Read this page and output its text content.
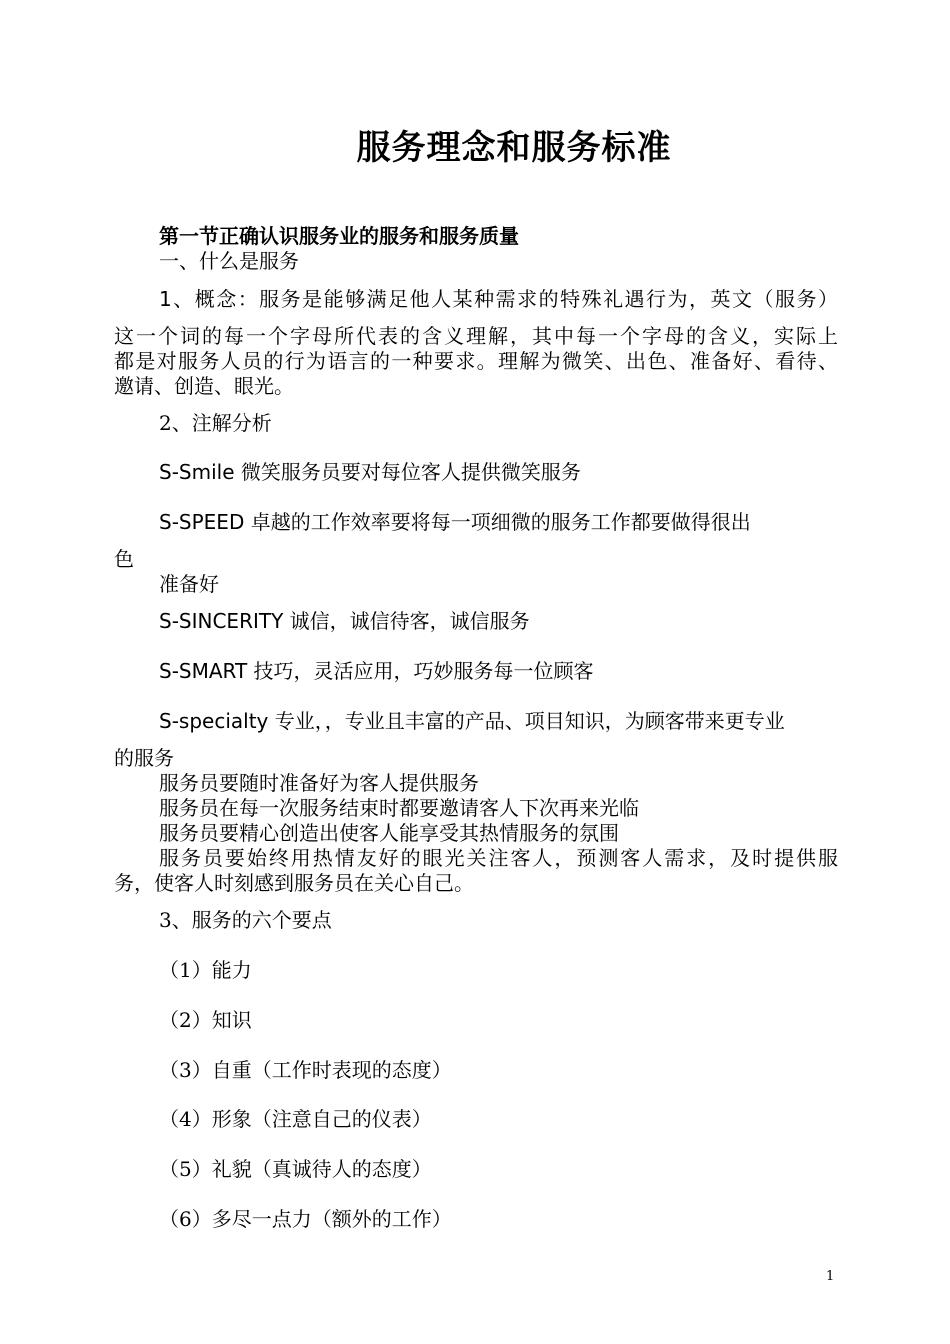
服务理念和服务标准

第一节正确认识服务业的服务和服务质量

一、什么是服务

1、概念：服务是能够满足他人某种需求的特殊礼遇行为，英文（服务）

这一个词的每一个字母所代表的含义理解，其中每一个字母的含义，实际上

都是对服务人员的行为语言的一种要求。理解为微笑、出色、准备好、看待、

邀请、创造、眼光。

2、注解分析

S-Smile 微笑服务员要对每位客人提供微笑服务

S-SPEED 卓越的工作效率要将每一项细微的服务工作都要做得很出

色

准备好

S-SINCERITY 诚信，诚信待客，诚信服务

S-SMART 技巧，灵活应用，巧妙服务每一位顾客

S-specialty 专业，，专业且丰富的产品、项目知识，为顾客带来更专业

的服务

服务员要随时准备好为客人提供服务

服务员在每一次服务结束时都要邀请客人下次再来光临

服务员要精心创造出使客人能享受其热情服务的氛围

服务员要始终用热情友好的眼光关注客人，预测客人需求，及时提供服

务，使客人时刻感到服务员在关心自己。

3、服务的六个要点

（1）能力

（2）知识

（3）自重（工作时表现的态度）

（4）形象（注意自己的仪表）

（5）礼貌（真诚待人的态度）

（6）多尽一点力（额外的工作）

1
